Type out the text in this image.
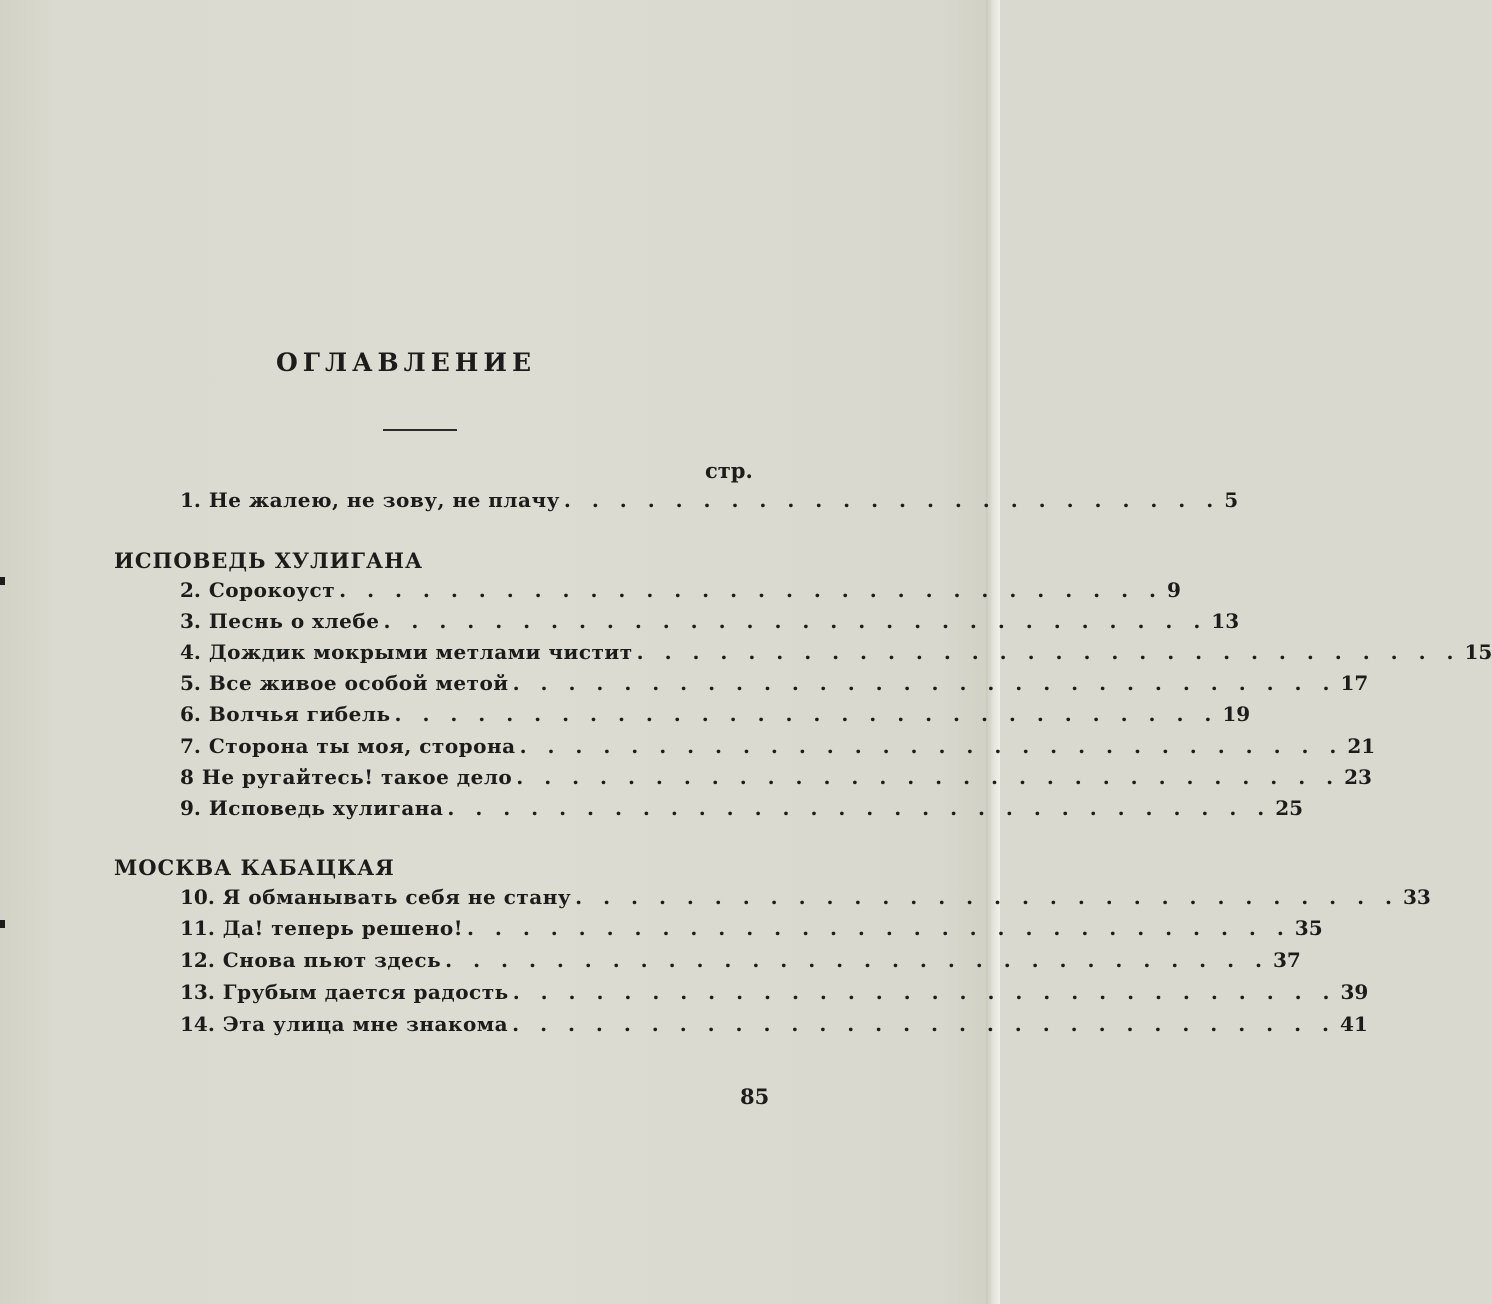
ОГЛАВЛЕНИЕ
стр.
1. Не жалею, не зову, не плачу . . . . . . . . . . . . . . . . . . . . . . . . 5
ИСПОВЕДЬ ХУЛИГАНА
2. Сорокоуст . . . . . . . . . . . . . . . . . . . . . . . . . . . . . . 9
3. Песнь о хлебе . . . . . . . . . . . . . . . . . . . . . . . . . . . . . . 13
4. Дождик мокрыми метлами чистит . . . . . . . . . . . . . . . . . . . . . . . . . . . . . . 15
5. Все живое особой метой . . . . . . . . . . . . . . . . . . . . . . . . . . . . . . 17
6. Волчья гибель . . . . . . . . . . . . . . . . . . . . . . . . . . . . . . 19
7. Сторона ты моя, сторона . . . . . . . . . . . . . . . . . . . . . . . . . . . . . . 21
8 Не ругайтесь! такое дело . . . . . . . . . . . . . . . . . . . . . . . . . . . . . . 23
9. Исповедь хулигана . . . . . . . . . . . . . . . . . . . . . . . . . . . . . . 25
МОСКВА КАБАЦКАЯ
10. Я обманывать себя не стану . . . . . . . . . . . . . . . . . . . . . . . . . . . . . . 33
11. Да! теперь решено! . . . . . . . . . . . . . . . . . . . . . . . . . . . . . . 35
12. Снова пьют здесь . . . . . . . . . . . . . . . . . . . . . . . . . . . . . . 37
13. Грубым дается радость . . . . . . . . . . . . . . . . . . . . . . . . . . . . . . 39
14. Эта улица мне знакома . . . . . . . . . . . . . . . . . . . . . . . . . . . . . . 41
85
